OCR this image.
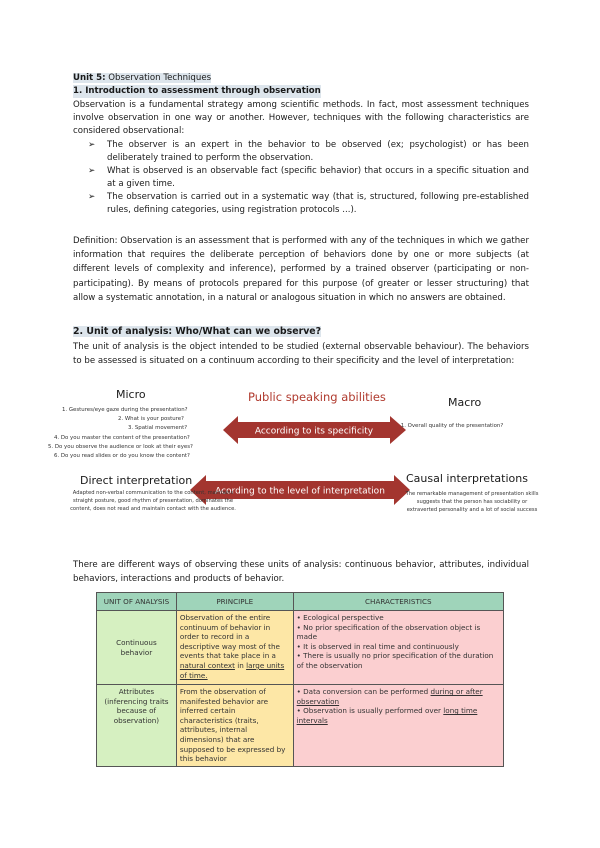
Unit 5: Observation Techniques
1. Introduction to assessment through observation
Observation is a fundamental strategy among scientific methods. In fact, most assessment techniques involve observation in one way or another. However, techniques with the following characteristics are considered observational:
➢	The observer is an expert in the behavior to be observed (ex; psychologist) or has been deliberately trained to perform the observation.
➢	What is observed is an observable fact (specific behavior) that occurs in a specific situation and at a given time.
➢	The observation is carried out in a systematic way (that is, structured, following pre-established rules, defining categories, using registration protocols ...).
Definition: Observation is an assessment that is performed with any of the techniques in which we gather information that requires the deliberate perception of behaviors done by one or more subjects (at different levels of complexity and inference), performed by a trained observer (participating or non-participating). By means of protocols prepared for this purpose (of greater or lesser structuring) that allow a systematic annotation, in a natural or analogous situation in which no answers are obtained.
2. Unit of analysis: Who/What can we observe?
The unit of analysis is the object intended to be studied (external observable behaviour). The behaviors to be assessed is situated on a continuum according to their specificity and the level of interpretation:
According to its specificity
Acording to the level of interpretation
Micro	Public speaking abilities	Macro
1. Gestures/eye gaze during the presentation?
2. What is your posture?
3. Spatial movement?
4. Do you master the content of the presentation?
5. Do you observe the audience or look at their eyes?
6. Do you read slides or do you know the content?
1. Overall quality of the presentation?
Direct interpretation	Causal interpretations
Adapted non-verbal communication to the content, maintains straight posture, good rhythm of presentation, dominates the content, does not read and maintain contact with the audience.
The remarkable management of presentation skills suggests that the person has sociability or extraverted personality and a lot of social success
There are different ways of observing these units of analysis: continuous behavior, attributes, individual behaviors, interactions and products of behavior.
UNIT OF ANALYSIS	PRINCIPLE	CHARACTERISTICS
Continuous behavior	Observation of the entire continuum of behavior in order to record in a descriptive way most of the events that take place in a natural context in large units of time.	• Ecological perspective
• No prior specification of the observation object is made
• It is observed in real time and continuously
• There is usually no prior specification of the duration of the observation

Attributes (inferencing traits because of observation)	From the observation of manifested behavior are inferred certain characteristics (traits, attributes, internal dimensions) that are supposed to be expressed by this behavior	• Data conversion can be performed during or after observation
• Observation is usually performed over long time intervals
